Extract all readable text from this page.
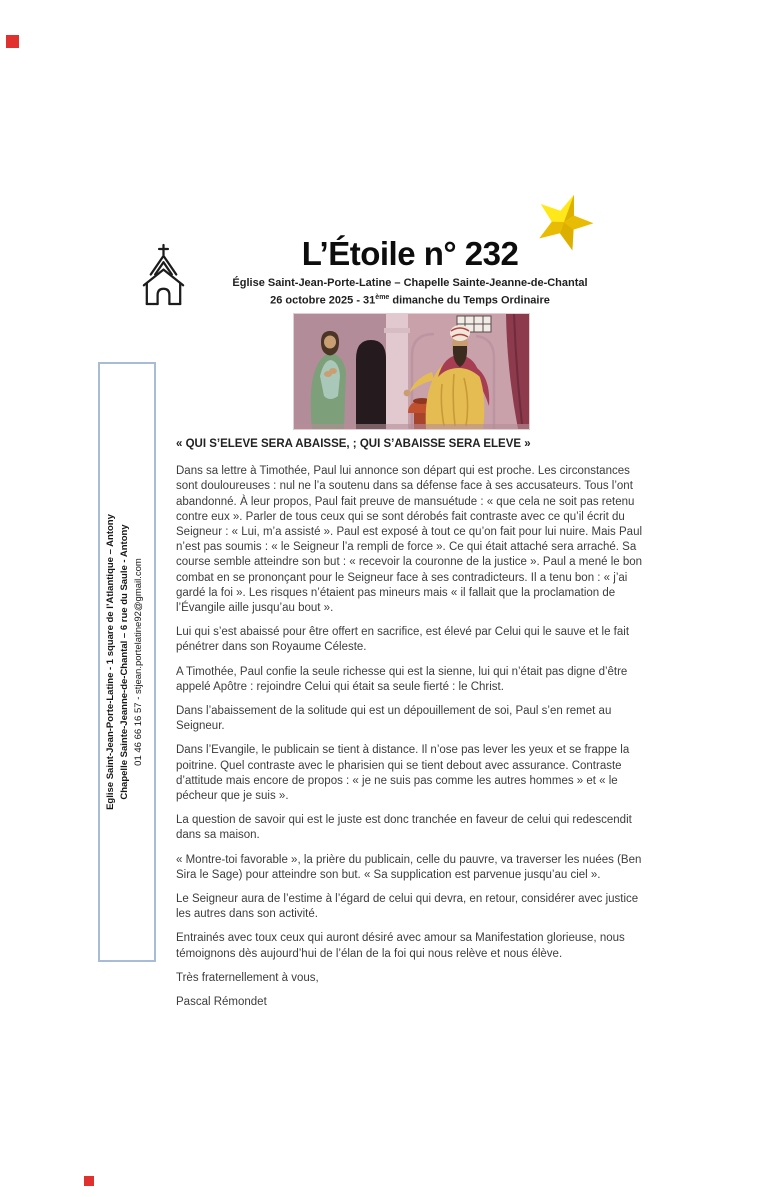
L’Étoile n° 232
Église Saint-Jean-Porte-Latine – Chapelle Sainte-Jeanne-de-Chantal
26 octobre 2025 - 31ème dimanche du Temps Ordinaire
Eglise Saint-Jean-Porte-Latine - 1 square de l’Atlantique – Antony Chapelle Sainte-Jeanne-de-Chantal – 6 rue du Saule - Antony 01 46 66 16 57 - stjean.portelatine92@gmail.com

« QUI S’ELEVE SERA ABAISSE, ; QUI S’ABAISSE SERA ELEVE »

Dans sa lettre à Timothée, Paul lui annonce son départ qui est proche. Les circonstances sont douloureuses : nul ne l’a soutenu dans sa défense face à ses accusateurs. Tous l’ont abandonné. À leur propos, Paul fait preuve de mansuétude : « que cela ne soit pas retenu contre eux ». Parler de tous ceux qui se sont dérobés fait contraste avec ce qu’il écrit du Seigneur : « Lui, m’a assisté ». Paul est exposé à tout ce qu’on fait pour lui nuire. Mais Paul n’est pas soumis : « le Seigneur l’a rempli de force ». Ce qui était attaché sera arraché. Sa course semble atteindre son but : « recevoir la couronne de la justice ». Paul a mené le bon combat en se prononçant pour le Seigneur face à ses contradicteurs. Il a tenu bon : « j’ai gardé la foi ». Les risques n’étaient pas mineurs mais « il fallait que la proclamation de l’Évangile aille jusqu’au bout ».

Lui qui s’est abaissé pour être offert en sacrifice, est élevé par Celui qui le sauve et le fait pénétrer dans son Royaume Céleste.

A Timothée, Paul confie la seule richesse qui est la sienne, lui qui n’était pas digne d’être appelé Apôtre : rejoindre Celui qui était sa seule fierté : le Christ.

Dans l’abaissement de la solitude qui est un dépouillement de soi, Paul s’en remet au Seigneur.

Dans l’Evangile, le publicain se tient à distance. Il n’ose pas lever les yeux et se frappe la poitrine. Quel contraste avec le pharisien qui se tient debout avec assurance. Contraste d’attitude mais encore de propos : « je ne suis pas comme les autres hommes » et « le pécheur que je suis ».

La question de savoir qui est le juste est donc tranchée en faveur de celui qui redescendit dans sa maison.

« Montre-toi favorable », la prière du publicain, celle du pauvre, va traverser les nuées (Ben Sira le Sage) pour atteindre son but. « Sa supplication est parvenue jusqu’au ciel ».

Le Seigneur aura de l’estime à l’égard de celui qui devra, en retour, considérer avec justice les autres dans son activité.

Entrainés avec toux ceux qui auront désiré avec amour sa Manifestation glorieuse, nous témoignons dès aujourd’hui de l’élan de la foi qui nous relève et nous élève.

Très fraternellement à vous,

Pascal Rémondet
